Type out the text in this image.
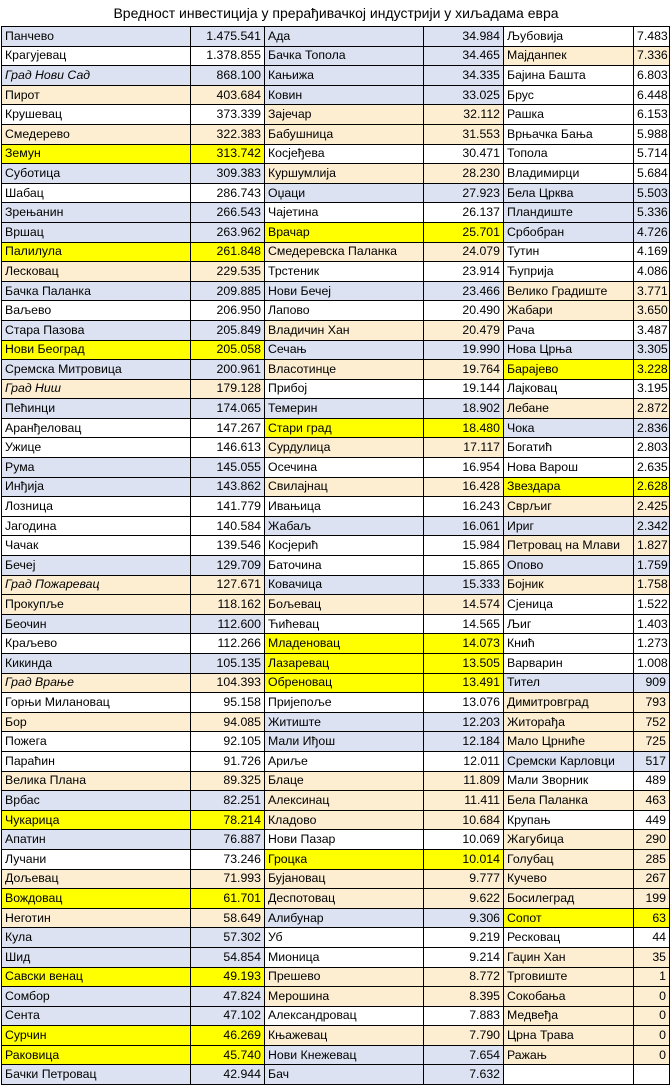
Вредност инвестиција у прерађивачкој индустрији у хиљадама евра
Панчево	1.475.541	Ада	34.984	Љубовија	7.483
Крагујевац	1.378.855	Бачка Топола	34.465	Мајданпек	7.336
Град Нови Сад	868.100	Кањижа	34.335	Бајина Башта	6.803
Пирот	403.684	Ковин	33.025	Брус	6.448
Крушевац	373.339	Зајечар	32.112	Рашка	6.153
Смедерево	322.383	Бабушница	31.553	Врњачка Бања	5.988
Земун	313.742	Косјеђева	30.471	Топола	5.714
Суботица	309.383	Куршумлија	28.230	Владимирци	5.684
Шабац	286.743	Оџаци	27.923	Бела Црква	5.503
Зрењанин	266.543	Чајетина	26.137	Пландиште	5.336
Вршац	263.962	Врачар	25.701	Србобран	4.726
Палилула	261.848	Смедеревска Паланка	24.079	Тутин	4.169
Лесковац	229.535	Трстеник	23.914	Ћуприја	4.086
Бачка Паланка	209.885	Нови Бечеј	23.466	Велико Градиште	3.771
Ваљево	206.950	Лапово	20.490	Жабари	3.650
Стара Пазова	205.849	Владичин Хан	20.479	Рача	3.487
Нови Београд	205.058	Сечањ	19.990	Нова Црња	3.305
Сремска Митровица	200.961	Власотинце	19.764	Барајево	3.228
Град Ниш	179.128	Прибој	19.144	Лајковац	3.195
Пећинци	174.065	Темерин	18.902	Лебане	2.872
Аранђеловац	147.267	Стари град	18.480	Чока	2.836
Ужице	146.613	Сурдулица	17.117	Богатић	2.803
Рума	145.055	Осечина	16.954	Нова Варош	2.635
Инђија	143.862	Свилајнац	16.428	Звездара	2.628
Лозница	141.779	Ивањица	16.243	Сврљиг	2.425
Јагодина	140.584	Жабаљ	16.061	Ириг	2.342
Чачак	139.546	Косјерић	15.984	Петровац на Млави	1.827
Бечеј	129.709	Баточина	15.865	Опово	1.759
Град Пожаревац	127.671	Ковачица	15.333	Бојник	1.758
Прокупље	118.162	Бољевац	14.574	Сјеница	1.522
Беочин	112.600	Ћићевац	14.565	Љиг	1.403
Краљево	112.266	Младеновац	14.073	Кнић	1.273
Кикинда	105.135	Лазаревац	13.505	Варварин	1.008
Град Врање	104.393	Обреновац	13.491	Тител	909
Горњи Милановац	95.158	Пријепоље	13.076	Димитровград	793
Бор	94.085	Житиште	12.203	Житорађа	752
Пожега	92.105	Мали Иђош	12.184	Мало Црниће	725
Параћин	91.726	Ариље	12.011	Сремски Карловци	517
Велика Плана	89.325	Блаце	11.809	Мали Зворник	489
Врбас	82.251	Алексинац	11.411	Бела Паланка	463
Чукарица	78.214	Кладово	10.684	Крупањ	449
Апатин	76.887	Нови Пазар	10.069	Жагубица	290
Лучани	73.246	Гроцка	10.014	Голубац	285
Дољевац	71.993	Бујановац	9.777	Кучево	267
Вождовац	61.701	Деспотовац	9.622	Босилеград	199
Неготин	58.649	Алибунар	9.306	Сопот	63
Кула	57.302	Уб	9.219	Ресковац	44
Шид	54.854	Мионица	9.214	Гаџин Хан	35
Савски венац	49.193	Прешево	8.772	Трговиште	1
Сомбор	47.824	Мерошина	8.395	Сокобања	0
Сента	47.102	Александровац	7.883	Медвеђа	0
Сурчин	46.269	Књажевац	7.790	Црна Трава	0
Раковица	45.740	Нови Кнежевац	7.654	Ражањ	0
Бачки Петровац	42.944	Бач	7.632		
